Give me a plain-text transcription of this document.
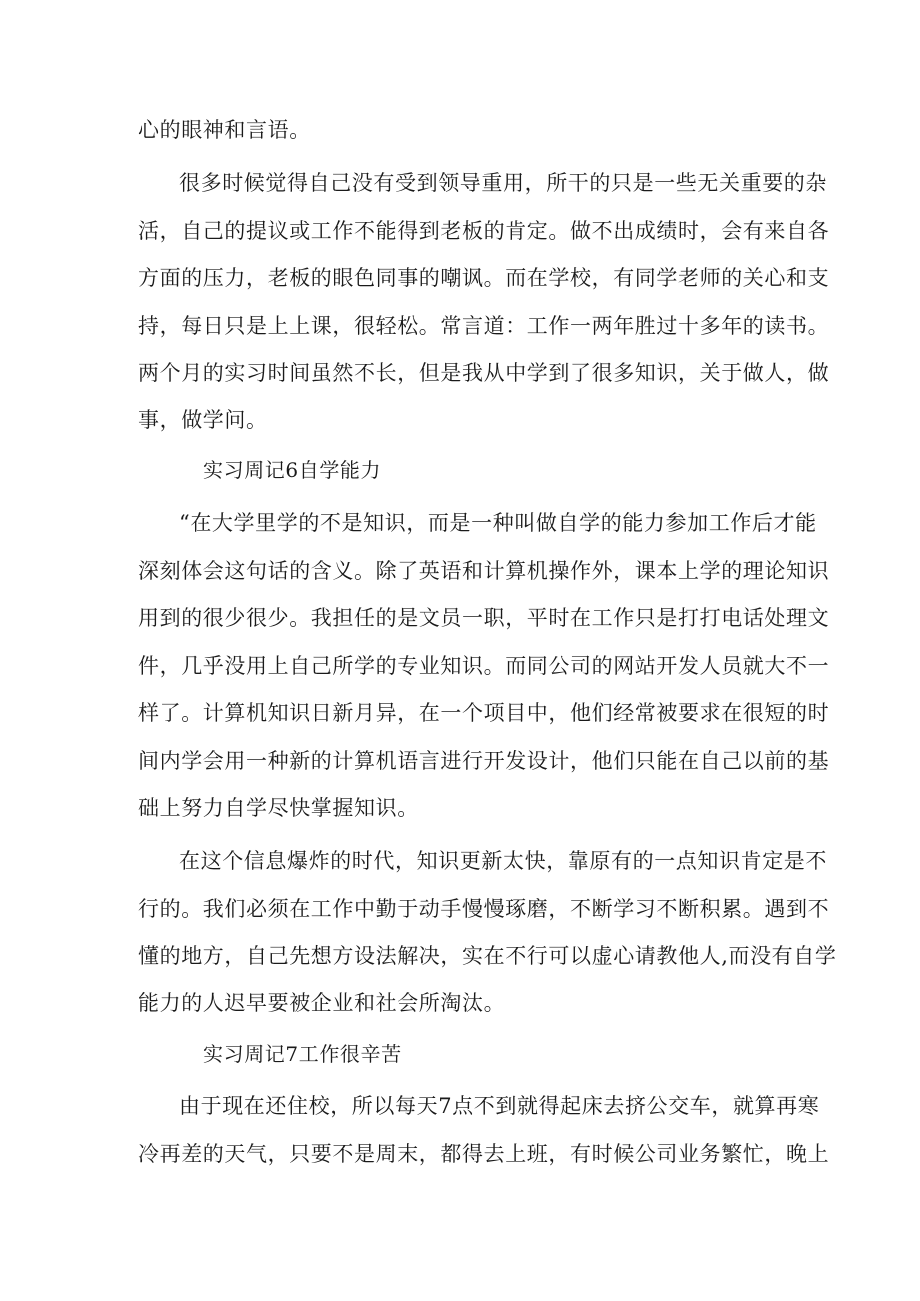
心的眼神和言语。
很多时候觉得自己没有受到领导重用，所干的只是一些无关重要的杂
活，自己的提议或工作不能得到老板的肯定。做不出成绩时，会有来自各
方面的压力，老板的眼色同事的嘲讽。而在学校，有同学老师的关心和支
持，每日只是上上课，很轻松。常言道：工作一两年胜过十多年的读书。
两个月的实习时间虽然不长，但是我从中学到了很多知识，关于做人，做
事，做学问。
实习周记6自学能力
“在大学里学的不是知识，而是一种叫做自学的能力参加工作后才能
深刻体会这句话的含义。除了英语和计算机操作外，课本上学的理论知识
用到的很少很少。我担任的是文员一职，平时在工作只是打打电话处理文
件，几乎没用上自己所学的专业知识。而同公司的网站开发人员就大不一
样了。计算机知识日新月异，在一个项目中，他们经常被要求在很短的时
间内学会用一种新的计算机语言进行开发设计，他们只能在自己以前的基
础上努力自学尽快掌握知识。
在这个信息爆炸的时代，知识更新太快，靠原有的一点知识肯定是不
行的。我们必须在工作中勤于动手慢慢琢磨，不断学习不断积累。遇到不
懂的地方，自己先想方设法解决，实在不行可以虚心请教他人,而没有自学
能力的人迟早要被企业和社会所淘汰。
实习周记7工作很辛苦
由于现在还住校，所以每天7点不到就得起床去挤公交车，就算再寒
冷再差的天气，只要不是周末，都得去上班，有时候公司业务繁忙，晚上
